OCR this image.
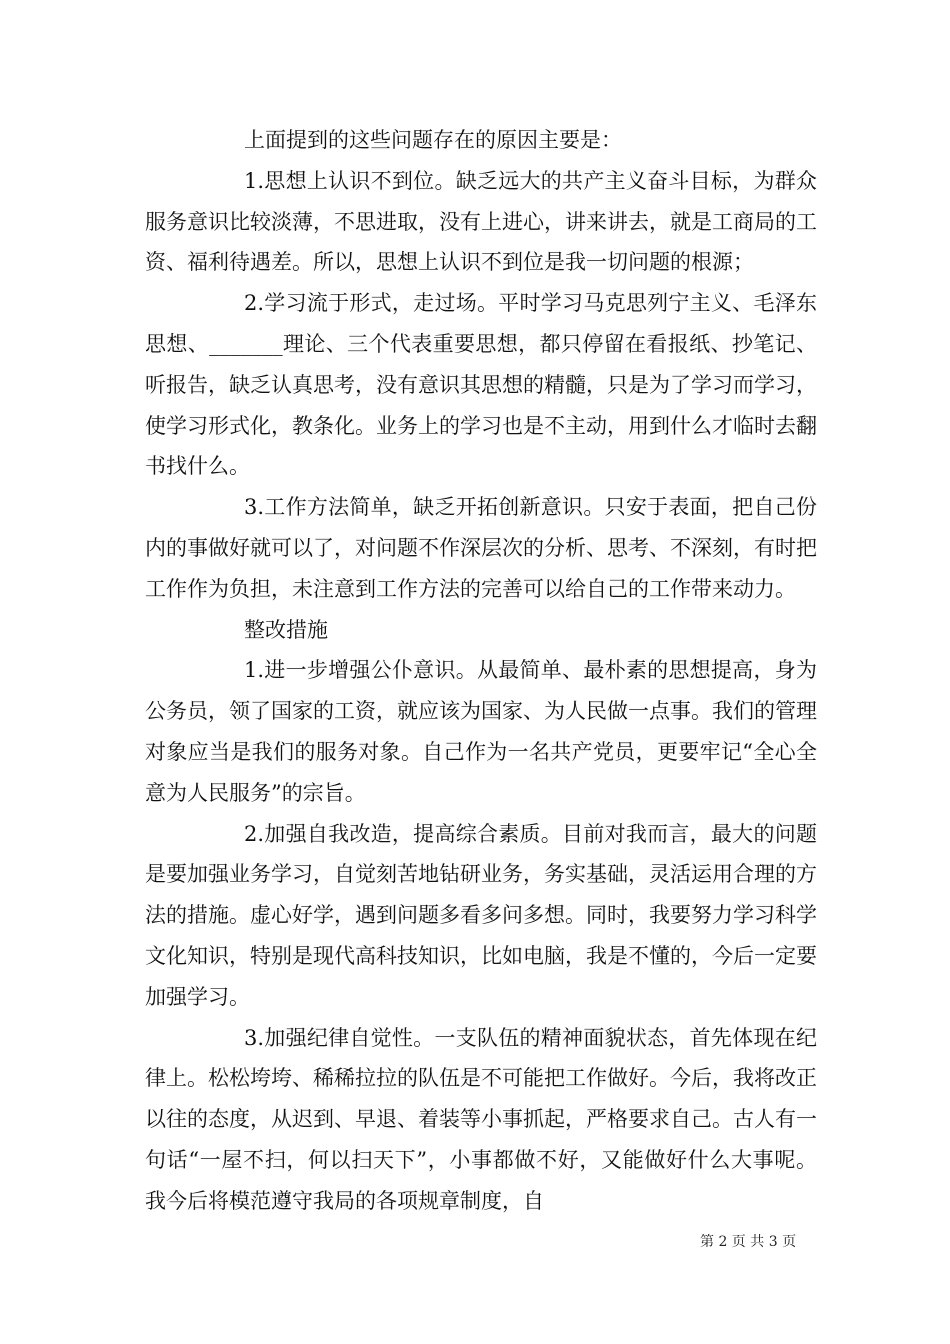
上面提到的这些问题存在的原因主要是：

1.思想上认识不到位。缺乏远大的共产主义奋斗目标，为群众服务意识比较淡薄，不思进取，没有上进心，讲来讲去，就是工商局的工资、福利待遇差。所以，思想上认识不到位是我一切问题的根源；

2.学习流于形式，走过场。平时学习马克思列宁主义、毛泽东思想、_______理论、三个代表重要思想，都只停留在看报纸、抄笔记、听报告，缺乏认真思考，没有意识其思想的精髓，只是为了学习而学习，使学习形式化，教条化。业务上的学习也是不主动，用到什么才临时去翻书找什么。

3.工作方法简单，缺乏开拓创新意识。只安于表面，把自己份内的事做好就可以了，对问题不作深层次的分析、思考、不深刻，有时把工作作为负担，未注意到工作方法的完善可以给自己的工作带来动力。

整改措施

1.进一步增强公仆意识。从最简单、最朴素的思想提高，身为公务员，领了国家的工资，就应该为国家、为人民做一点事。我们的管理对象应当是我们的服务对象。自己作为一名共产党员，更要牢记“全心全意为人民服务”的宗旨。

2.加强自我改造，提高综合素质。目前对我而言，最大的问题是要加强业务学习，自觉刻苦地钻研业务，务实基础，灵活运用合理的方法的措施。虚心好学，遇到问题多看多问多想。同时，我要努力学习科学文化知识，特别是现代高科技知识，比如电脑，我是不懂的，今后一定要加强学习。

3.加强纪律自觉性。一支队伍的精神面貌状态，首先体现在纪律上。松松垮垮、稀稀拉拉的队伍是不可能把工作做好。今后，我将改正以往的态度，从迟到、早退、着装等小事抓起，严格要求自己。古人有一句话“一屋不扫，何以扫天下”，小事都做不好，又能做好什么大事呢。我今后将模范遵守我局的各项规章制度，自

第 2 页 共 3 页
